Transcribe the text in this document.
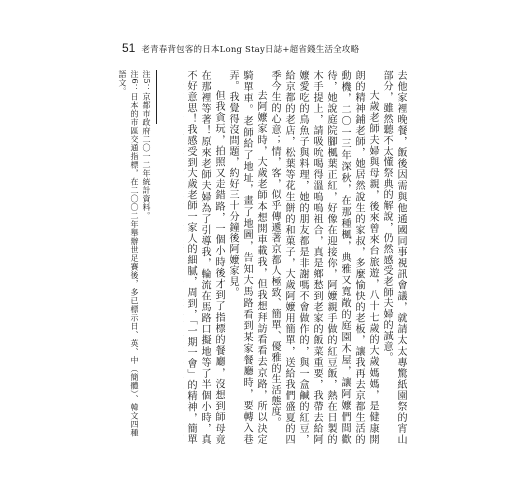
51 老青春背包客的日本Long Stay日誌+超省錢生活全攻略

去他家裡晚餐，飯後因需與他通國同事視訊會議，就請太太專驚紙園祭的宵山部分，雖然聽不太懂祭典的解說，仍然感受老師夫婦的誠意。

大歲老師夫婦與母親，後來曾來台旅遊，八十七歲的大歲媽媽，是健康開朗的精神鋪老師，她居然說生的家叔，多麼愉快的老板，讓我再去京都生活的動機，二〇一三年深秋，在那種楓，典雅又寬敞的庭園木屋，讓阿嬤們間歡待，她說庭院腳楓葉正紅，好像在迎接你，阿嬤親手做的紅豆飯，熱在日製的木手提上，請吸吮喝得溫嗚嗚祖合，真是鄉愁到老家的飯菜重要，我帶去給阿嬤愛吃的鳥魚子與料理，她的朋友都是非謝嗎不會做作的，與一盒鹹的紅豆，給京都的老店，松葉等花生餅的和菓子，大歲阿嬤用簡單，送給我們盛夏的四季今生的心意；情，客，似乎傳遞著京都人極致、簡單、優雅的生活態度。

去阿嬤家時，大歲老師本想開車載我，但我想拜訪看看去京路，所以決定騎單車。老師給了地址，畫了地圖，告知大馬路看到某家餐廳時，要轉入巷弄。我覺得沒問題，約好三十分鐘後阿嬤家見。

但我貪玩，拍照又走錯路，一個小時後才到了指標的餐廳，沒想到師母竟在那裡等著！原來老師夫婦為了引導我，輪流在馬路口擬地等了半個小時，真不好意思！我感受到大歲老師一家人的細膩，周到，「一期一會」的精神，簡單

注5：京都市政府二〇一二年統計資料。
注6：日本的市區交通指標，在二〇〇二年舉辦世足賽後，多已標示日、英、中（簡體）、韓文四種語文。
